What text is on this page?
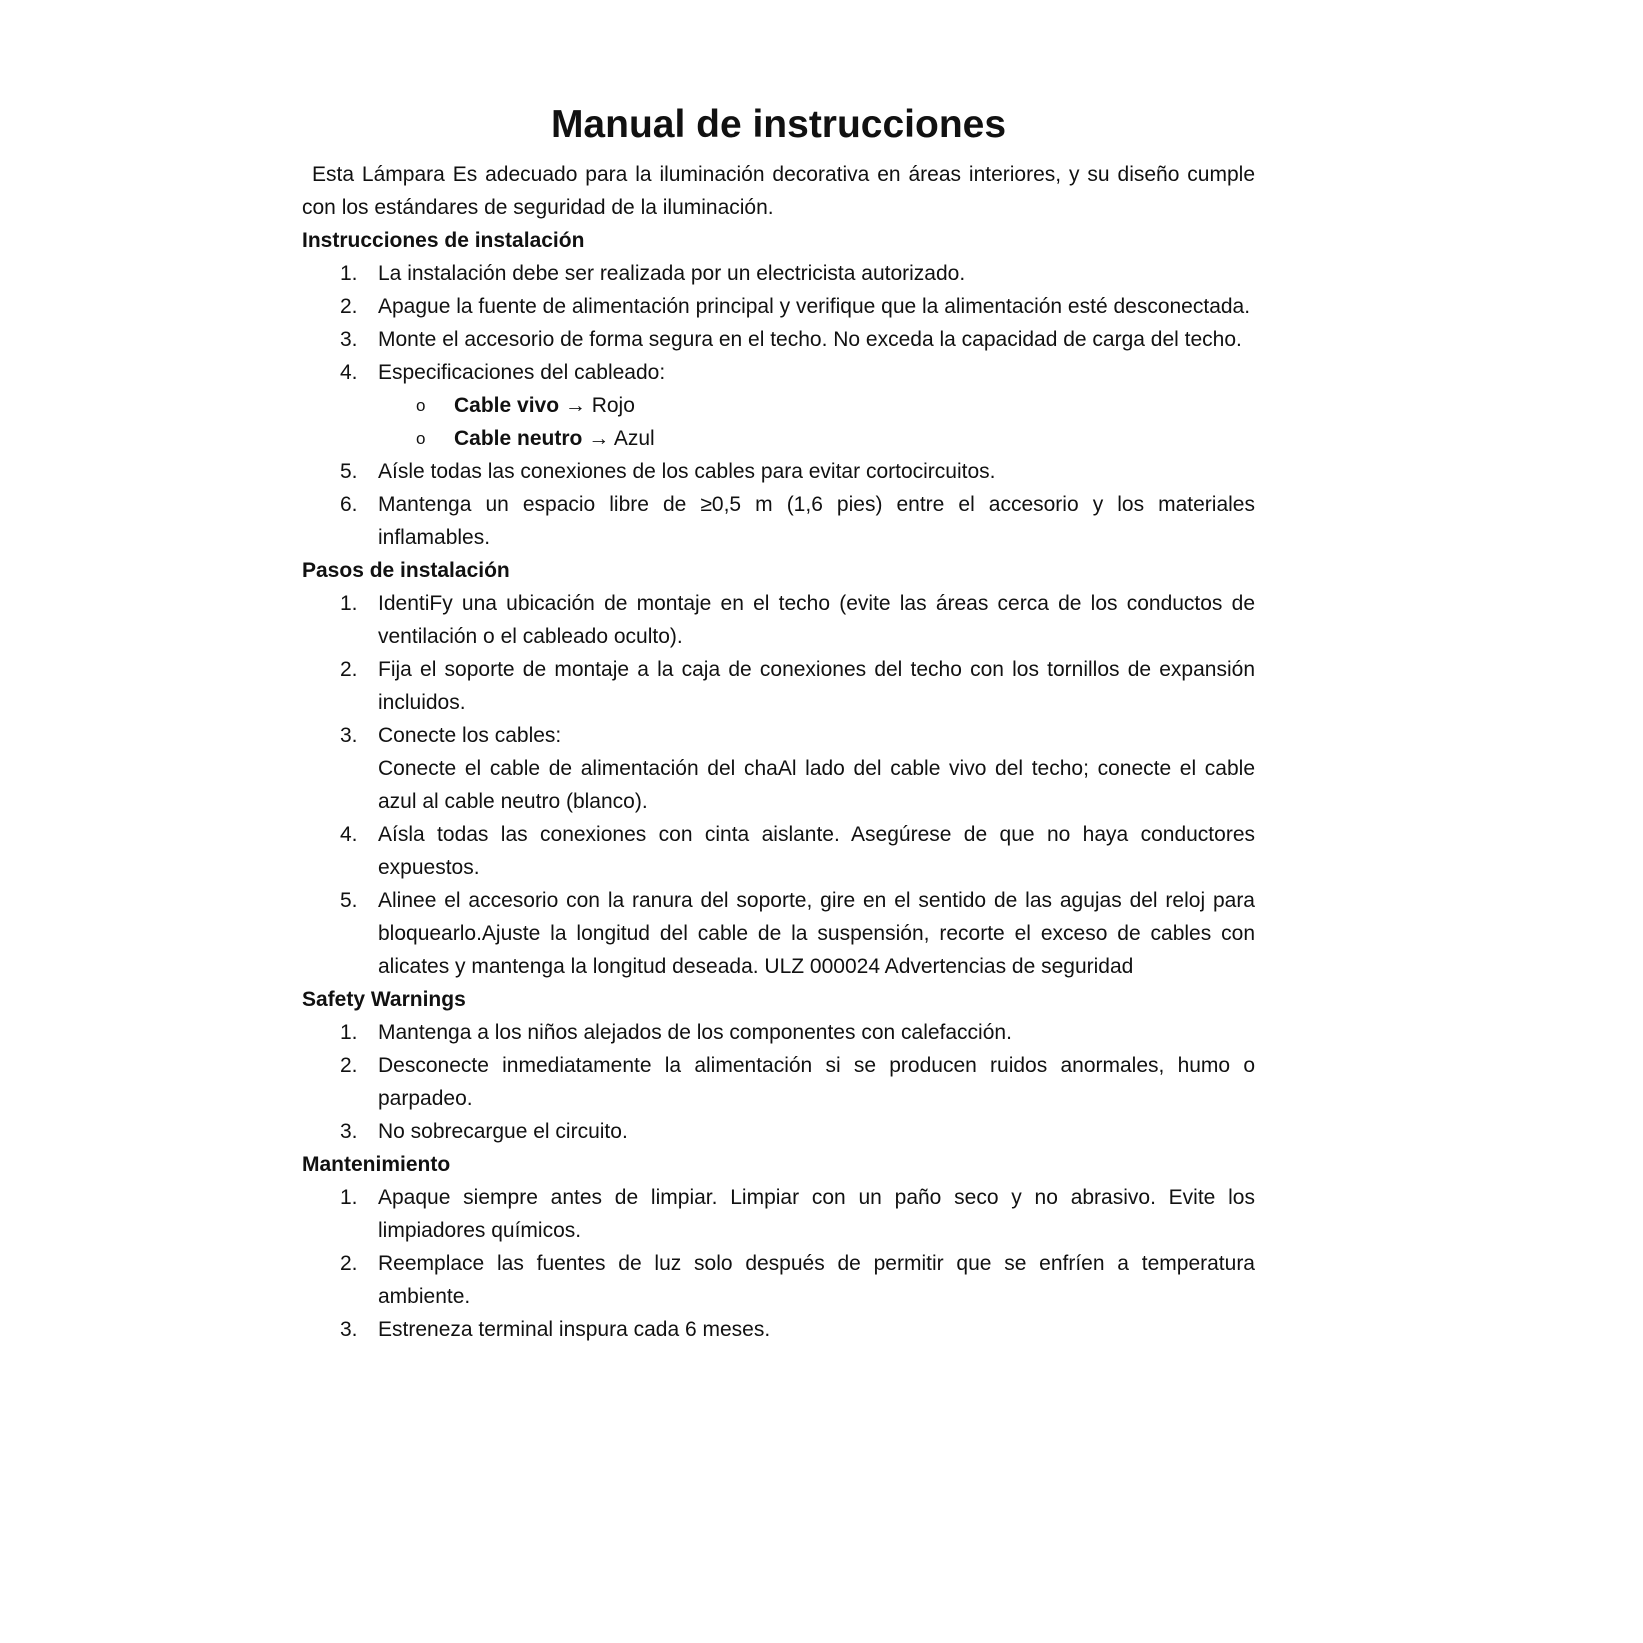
Manual de instrucciones

Esta Lámpara Es adecuado para la iluminación decorativa en áreas interiores, y su diseño cumple con los estándares de seguridad de la iluminación.

Instrucciones de instalación
1. La instalación debe ser realizada por un electricista autorizado.
2. Apague la fuente de alimentación principal y verifique que la alimentación esté desconectada.
3. Monte el accesorio de forma segura en el techo. No exceda la capacidad de carga del techo.
4. Especificaciones del cableado:
o Cable vivo → Rojo
o Cable neutro → Azul
5. Aísle todas las conexiones de los cables para evitar cortocircuitos.
6. Mantenga un espacio libre de ≥0,5 m (1,6 pies) entre el accesorio y los materiales inflamables.
Pasos de instalación
1. IdentiFy una ubicación de montaje en el techo (evite las áreas cerca de los conductos de ventilación o el cableado oculto).
2. Fija el soporte de montaje a la caja de conexiones del techo con los tornillos de expansión incluidos.
3. Conecte los cables:
Conecte el cable de alimentación del chaAl lado del cable vivo del techo; conecte el cable azul al cable neutro (blanco).
4. Aísla todas las conexiones con cinta aislante. Asegúrese de que no haya conductores expuestos.
5. Alinee el accesorio con la ranura del soporte, gire en el sentido de las agujas del reloj para bloquearlo.Ajuste la longitud del cable de la suspensión, recorte el exceso de cables con alicates y mantenga la longitud deseada. ULZ 000024 Advertencias de seguridad
Safety Warnings
1. Mantenga a los niños alejados de los componentes con calefacción.
2. Desconecte inmediatamente la alimentación si se producen ruidos anormales, humo o parpadeo.
3. No sobrecargue el circuito.
Mantenimiento
1. Apaque siempre antes de limpiar. Limpiar con un paño seco y no abrasivo. Evite los limpiadores químicos.
2. Reemplace las fuentes de luz solo después de permitir que se enfríen a temperatura ambiente.
3. Estreneza terminal inspura cada 6 meses.
